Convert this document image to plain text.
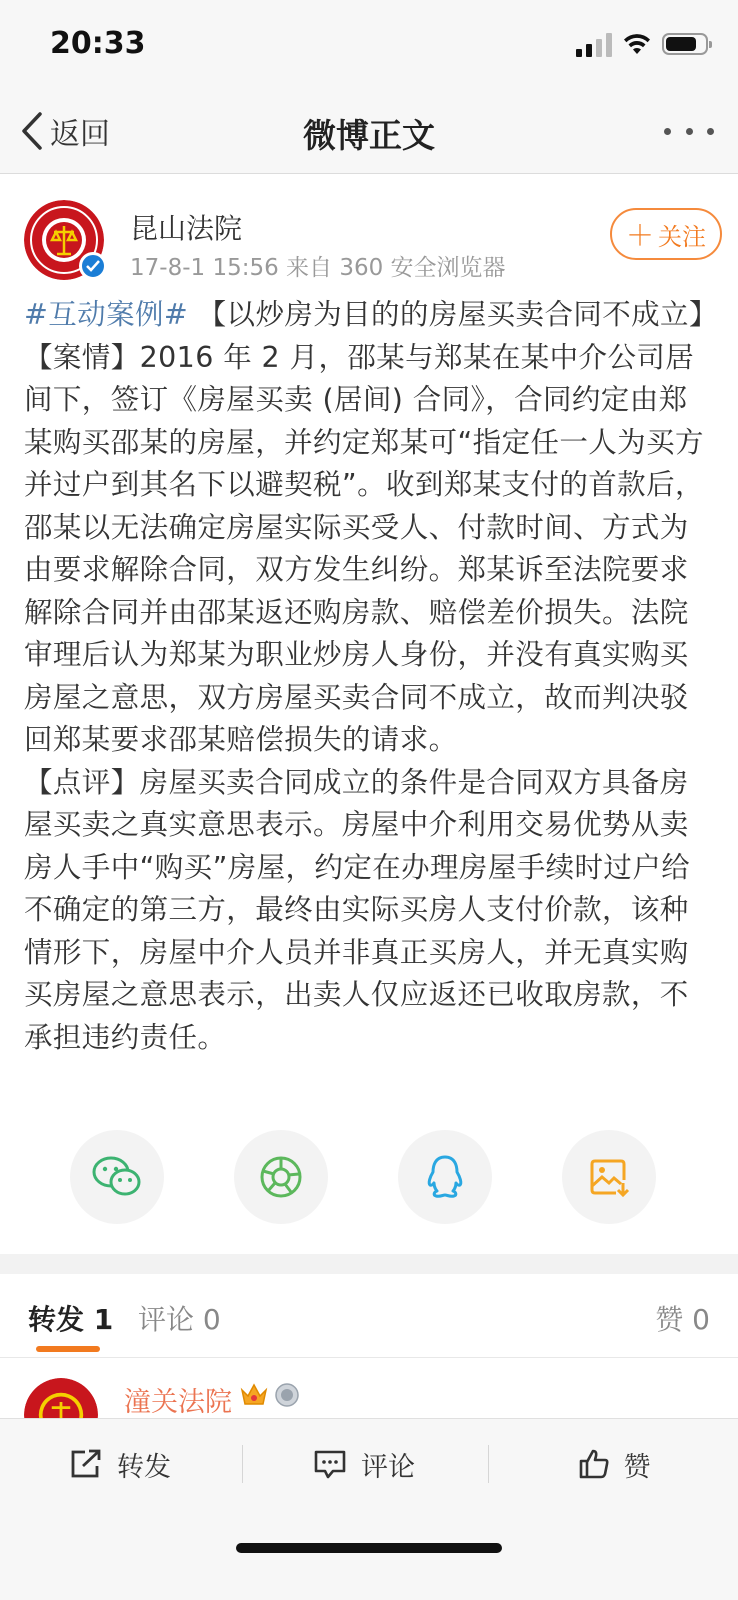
20:33
返回	微博正文
昆山法院
17-8-1 15:56 来自 360 安全浏览器
＋ 关注

#互动案例# 【以炒房为目的的房屋买卖合同不成立】【案情】2016 年 2 月，邵某与郑某在某中介公司居间下，签订《房屋买卖 (居间) 合同》，合同约定由郑某购买邵某的房屋，并约定郑某可“指定任一人为买方并过户到其名下以避契税”。收到郑某支付的首款后，邵某以无法确定房屋实际买受人、付款时间、方式为由要求解除合同，双方发生纠纷。郑某诉至法院要求解除合同并由邵某返还购房款、赔偿差价损失。法院审理后认为郑某为职业炒房人身份，并没有真实购买房屋之意思，双方房屋买卖合同不成立，故而判决驳回郑某要求邵某赔偿损失的请求。

【点评】房屋买卖合同成立的条件是合同双方具备房屋买卖之真实意思表示。房屋中介利用交易优势从卖房人手中“购买”房屋，约定在办理房屋手续时过户给不确定的第三方，最终由实际买房人支付价款，该种情形下，房屋中介人员并非真正买房人，并无真实购买房屋之意思表示，出卖人仅应返还已收取房款，不承担违约责任。

转发 1 评论 0	赞 0
潼关法院
转发	评论	赞
